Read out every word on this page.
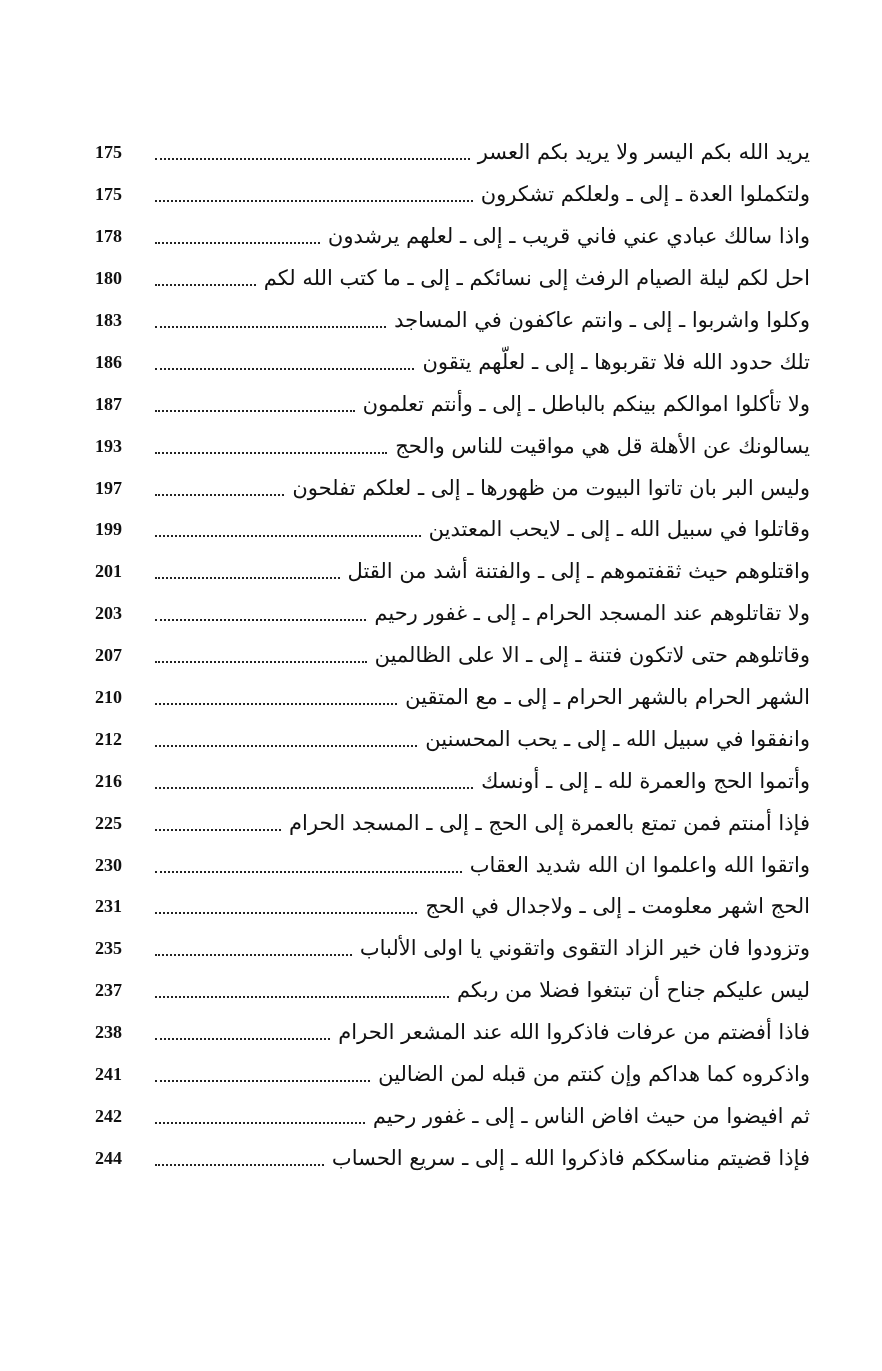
يريد الله بكم اليسر ولا يريد بكم العسر
175
ولتكملوا العدة ـ إلى ـ ولعلكم تشكرون
175
واذا سالك عبادي عني فاني قريب ـ إلى ـ لعلهم يرشدون
178
احل لكم ليلة الصيام الرفث إلى نسائكم ـ إلى ـ ما كتب الله لكم
180
وكلوا واشربوا ـ إلى ـ وانتم عاكفون في المساجد
183
تلك حدود الله فلا تقربوها ـ إلى ـ لعلّهم يتقون
186
ولا تأكلوا اموالكم بينكم بالباطل ـ إلى ـ وأنتم تعلمون
187
يسالونك عن الأهلة قل هي مواقيت للناس والحج
193
وليس البر بان تاتوا البيوت من ظهورها ـ إلى ـ لعلكم تفلحون
197
وقاتلوا في سبيل الله ـ إلى ـ لايحب المعتدين
199
واقتلوهم حيث ثقفتموهم ـ إلى ـ والفتنة أشد من القتل
201
ولا تقاتلوهم عند المسجد الحرام ـ إلى ـ غفور رحيم
203
وقاتلوهم حتى لاتكون فتنة ـ إلى ـ الا على الظالمين
207
الشهر الحرام بالشهر الحرام ـ إلى ـ مع المتقين
210
وانفقوا في سبيل الله ـ إلى ـ يحب المحسنين
212
وأتموا الحج والعمرة لله ـ إلى ـ أونسك
216
فإذا أمنتم فمن تمتع بالعمرة إلى الحج ـ إلى ـ المسجد الحرام
225
واتقوا الله واعلموا ان الله شديد العقاب
230
الحج اشهر معلومت ـ إلى ـ ولاجدال في الحج
231
وتزودوا فان خير الزاد التقوى واتقوني يا اولى الألباب
235
ليس عليكم جناح أن تبتغوا فضلا من ربكم
237
فاذا أفضتم من عرفات فاذكروا الله عند المشعر الحرام
238
واذكروه كما هداكم وإن كنتم من قبله لمن الضالين
241
ثم افيضوا من حيث افاض الناس ـ إلى ـ غفور رحيم
242
فإذا قضيتم مناسككم فاذكروا الله ـ إلى ـ سريع الحساب
244
